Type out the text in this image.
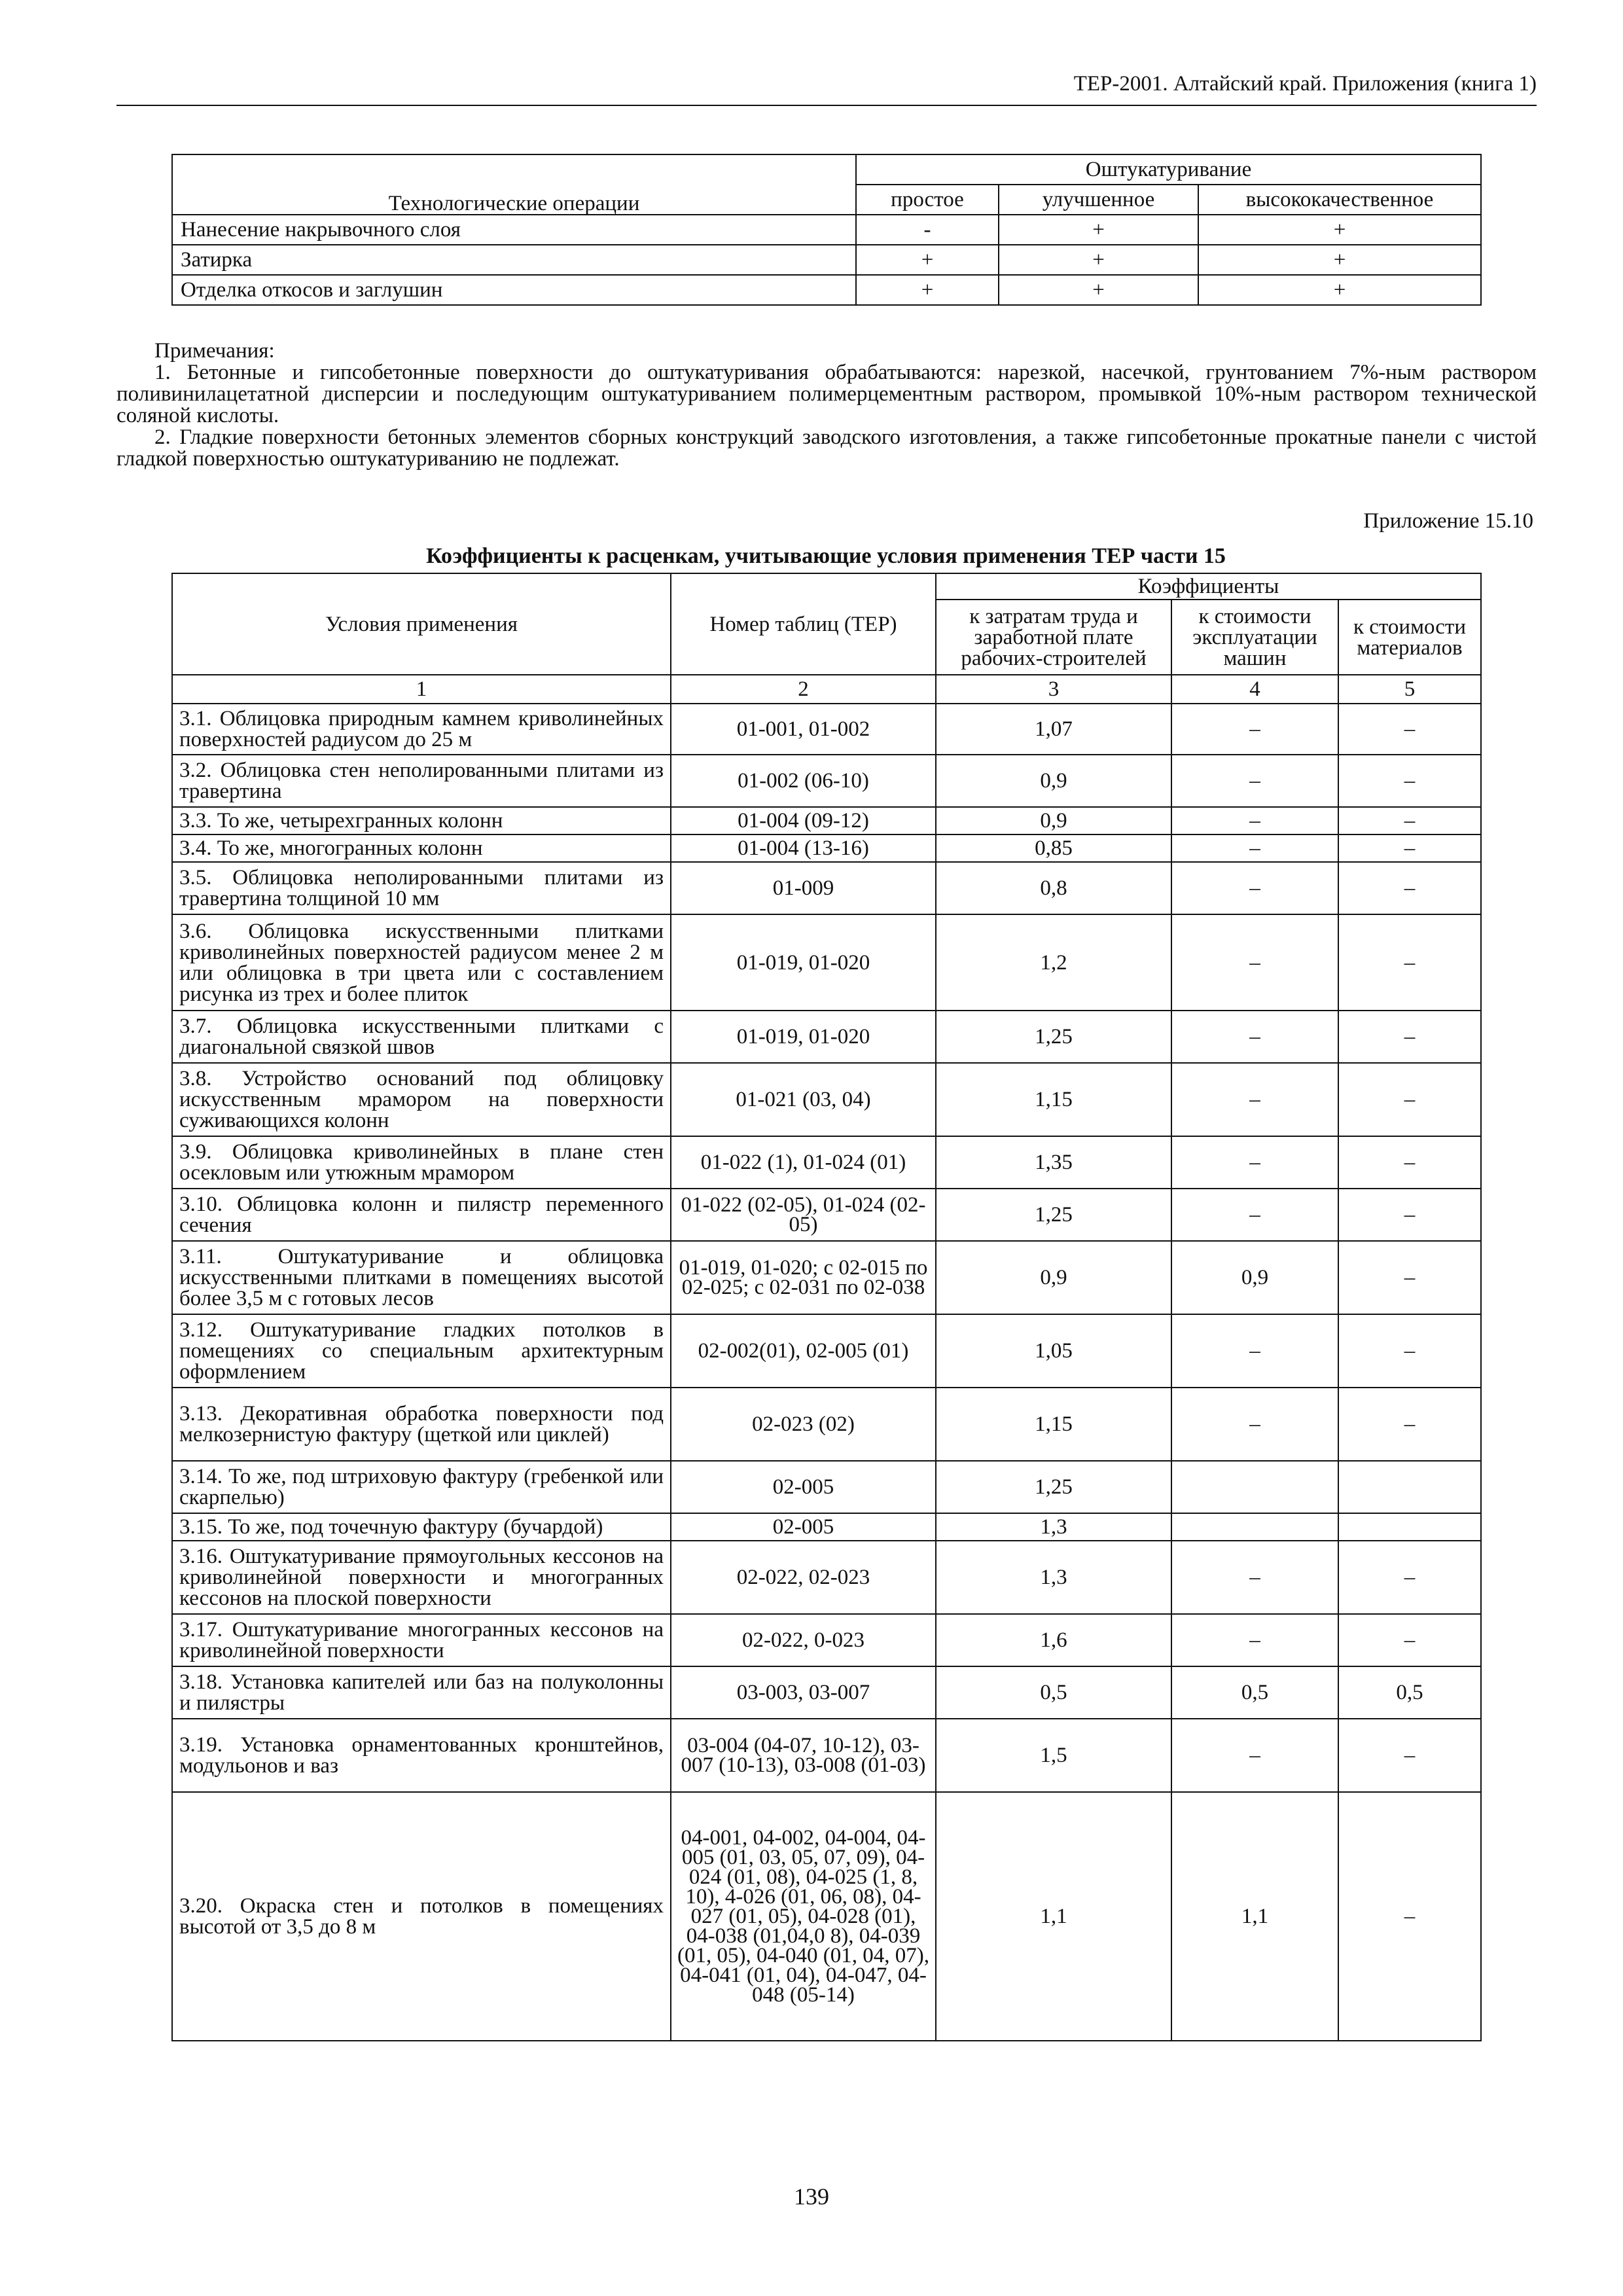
ТЕР-2001. Алтайский край. Приложения (книга 1)
Технологические операции	Оштукатуривание		
	простое	улучшенное	высококачественное
Нанесение накрывочного слоя	-	+	+
Затирка	+	+	+
Отделка откосов и заглушин	+	+	+

Примечания:

1. Бетонные и гипсобетонные поверхности до оштукатуривания обрабатываются: нарезкой, насечкой, грунтованием 7%-ным раствором поливинилацетатной дисперсии и последующим оштукатуриванием полимерцементным раствором, промывкой 10%-ным раствором технической соляной кислоты.

2. Гладкие поверхности бетонных элементов сборных конструкций заводского изготовления, а также гипсобетонные прокатные панели с чистой гладкой поверхностью оштукатуриванию не подлежат.

Приложение 15.10
Коэффициенты к расценкам, учитывающие условия применения ТЕР части 15
Условия применения	Номер таблиц (ТЕР)	Коэффициенты		
		к затратам труда и заработной плате рабочих-строителей	к стоимости эксплуатации машин	к стоимости материалов
1	2	3	4	5
3.1. Облицовка природным камнем криволинейных поверхностей радиусом до 25 м	01-001, 01-002	1,07	–	–
3.2. Облицовка стен неполированными плитами из травертина	01-002 (06-10)	0,9	–	–
3.3. То же, четырехгранных колонн	01-004 (09-12)	0,9	–	–
3.4. То же, многогранных колонн	01-004 (13-16)	0,85	–	–
3.5. Облицовка неполированными плитами из травертина толщиной 10 мм	01-009	0,8	–	–
3.6. Облицовка искусственными плитками криволинейных поверхностей радиусом менее 2 м или облицовка в три цвета или с составлением рисунка из трех и более плиток	01-019, 01-020	1,2	–	–
3.7. Облицовка искусственными плитками с диагональной связкой швов	01-019, 01-020	1,25	–	–
3.8. Устройство оснований под облицовку искусственным мрамором на поверхности суживающихся колонн	01-021 (03, 04)	1,15	–	–
3.9. Облицовка криволинейных в плане стен осекловым или утюжным мрамором	01-022 (1), 01-024 (01)	1,35	–	–
3.10. Облицовка колонн и пилястр переменного сечения	01-022 (02-05), 01-024 (02-05)	1,25	–	–
3.11. Оштукатуривание и облицовка искусственными плитками в помещениях высотой более 3,5 м с готовых лесов	01-019, 01-020; с 02-015 по 02-025; с 02-031 по 02-038	0,9	0,9	–
3.12. Оштукатуривание гладких потолков в помещениях со специальным архитектурным оформлением	02-002(01), 02-005 (01)	1,05	–	–
3.13. Декоративная обработка поверхности под мелкозернистую фактуру (щеткой или циклей)	02-023 (02)	1,15	–	–
3.14. То же, под штриховую фактуру (гребенкой или скарпелью)	02-005	1,25		
3.15. То же, под точечную фактуру (бучардой)	02-005	1,3		
3.16. Оштукатуривание прямоугольных кессонов на криволинейной поверхности и многогранных кессонов на плоской поверхности	02-022, 02-023	1,3	–	–
3.17. Оштукатуривание многогранных кессонов на криволинейной поверхности	02-022, 0-023	1,6	–	–
3.18. Установка капителей или баз на полуколонны и пилястры	03-003, 03-007	0,5	0,5	0,5
3.19. Установка орнаментованных кронштейнов, модульонов и ваз	03-004 (04-07, 10-12), 03-007 (10-13), 03-008 (01-03)	1,5	–	–
3.20. Окраска стен и потолков в помещениях высотой от 3,5 до 8 м	04-001, 04-002, 04-004, 04-005 (01, 03, 05, 07, 09), 04-024 (01, 08), 04-025 (1, 8, 10), 4-026 (01, 06, 08), 04-027 (01, 05), 04-028 (01), 04-038 (01,04,0 8), 04-039 (01, 05), 04-040 (01, 04, 07), 04-041 (01, 04), 04-047, 04-048 (05-14)	1,1	1,1	–
139
